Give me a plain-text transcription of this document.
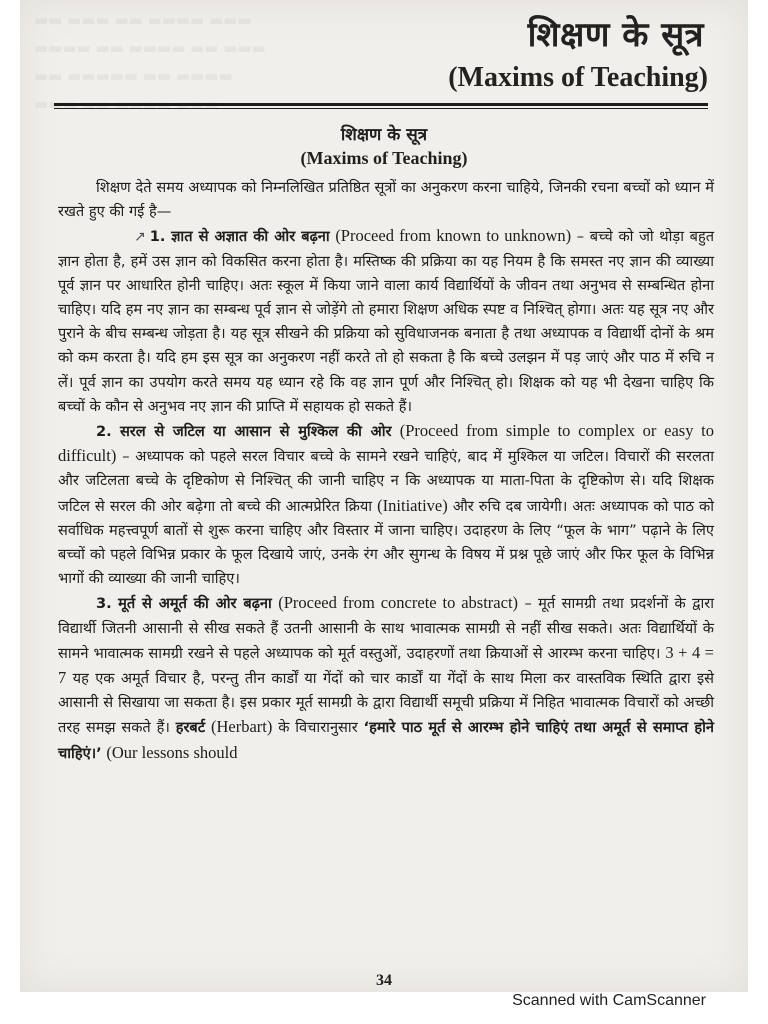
▬▬ ▬▬▬ ▬▬ ▬▬▬▬ ▬▬▬
▬▬▬▬ ▬▬ ▬▬▬▬ ▬▬ ▬▬▬
▬▬ ▬▬▬▬▬ ▬▬ ▬▬▬▬
▬▬▬ ▬▬ ▬▬▬▬ ▬▬▬
शिक्षण के सूत्र
(Maxims of Teaching)
शिक्षण के सूत्र
(Maxims of Teaching)

शिक्षण देते समय अध्यापक को निम्नलिखित प्रतिष्ठित सूत्रों का अनुकरण करना चाहिये, जिनकी रचना बच्चों को ध्यान में रखते हुए की गई है—

↗ 1. ज्ञात से अज्ञात की ओर बढ़ना (Proceed from known to unknown) – बच्चे को जो थोड़ा बहुत ज्ञान होता है, हमें उस ज्ञान को विकसित करना होता है। मस्तिष्क की प्रक्रिया का यह नियम है कि समस्त नए ज्ञान की व्याख्या पूर्व ज्ञान पर आधारित होनी चाहिए। अतः स्कूल में किया जाने वाला कार्य विद्यार्थियों के जीवन तथा अनुभव से सम्बन्धित होना चाहिए। यदि हम नए ज्ञान का सम्बन्ध पूर्व ज्ञान से जोड़ेंगे तो हमारा शिक्षण अधिक स्पष्ट व निश्चित् होगा। अतः यह सूत्र नए और पुराने के बीच सम्बन्ध जोड़ता है। यह सूत्र सीखने की प्रक्रिया को सुविधाजनक बनाता है तथा अध्यापक व विद्यार्थी दोनों के श्रम को कम करता है। यदि हम इस सूत्र का अनुकरण नहीं करते तो हो सकता है कि बच्चे उलझन में पड़ जाएं और पाठ में रुचि न लें। पूर्व ज्ञान का उपयोग करते समय यह ध्यान रहे कि वह ज्ञान पूर्ण और निश्चित् हो। शिक्षक को यह भी देखना चाहिए कि बच्चों के कौन से अनुभव नए ज्ञान की प्राप्ति में सहायक हो सकते हैं।

2. सरल से जटिल या आसान से मुश्किल की ओर (Proceed from simple to complex or easy to difficult) – अध्यापक को पहले सरल विचार बच्चे के सामने रखने चाहिएं, बाद में मुश्किल या जटिल। विचारों की सरलता और जटिलता बच्चे के दृष्टिकोण से निश्चित् की जानी चाहिए न कि अध्यापक या माता-पिता के दृष्टिकोण से। यदि शिक्षक जटिल से सरल की ओर बढ़ेगा तो बच्चे की आत्मप्रेरित क्रिया (Initiative) और रुचि दब जायेगी। अतः अध्यापक को पाठ को सर्वाधिक महत्त्वपूर्ण बातों से शुरू करना चाहिए और विस्तार में जाना चाहिए। उदाहरण के लिए “फूल के भाग” पढ़ाने के लिए बच्चों को पहले विभिन्न प्रकार के फूल दिखाये जाएं, उनके रंग और सुगन्ध के विषय में प्रश्न पूछे जाएं और फिर फूल के विभिन्न भागों की व्याख्या की जानी चाहिए।

3. मूर्त से अमूर्त की ओर बढ़ना (Proceed from concrete to abstract) – मूर्त सामग्री तथा प्रदर्शनों के द्वारा विद्यार्थी जितनी आसानी से सीख सकते हैं उतनी आसानी के साथ भावात्मक सामग्री से नहीं सीख सकते। अतः विद्यार्थियों के सामने भावात्मक सामग्री रखने से पहले अध्यापक को मूर्त वस्तुओं, उदाहरणों तथा क्रियाओं से आरम्भ करना चाहिए। 3 + 4 = 7 यह एक अमूर्त विचार है, परन्तु तीन कार्डों या गेंदों को चार कार्डों या गेंदों के साथ मिला कर वास्तविक स्थिति द्वारा इसे आसानी से सिखाया जा सकता है। इस प्रकार मूर्त सामग्री के द्वारा विद्यार्थी समूची प्रक्रिया में निहित भावात्मक विचारों को अच्छी तरह समझ सकते हैं। हरबर्ट (Herbart) के विचारानुसार ‘हमारे पाठ मूर्त से आरम्भ होने चाहिएं तथा अमूर्त से समाप्त होने चाहिएं।’ (Our lessons should

34
Scanned with CamScanner
